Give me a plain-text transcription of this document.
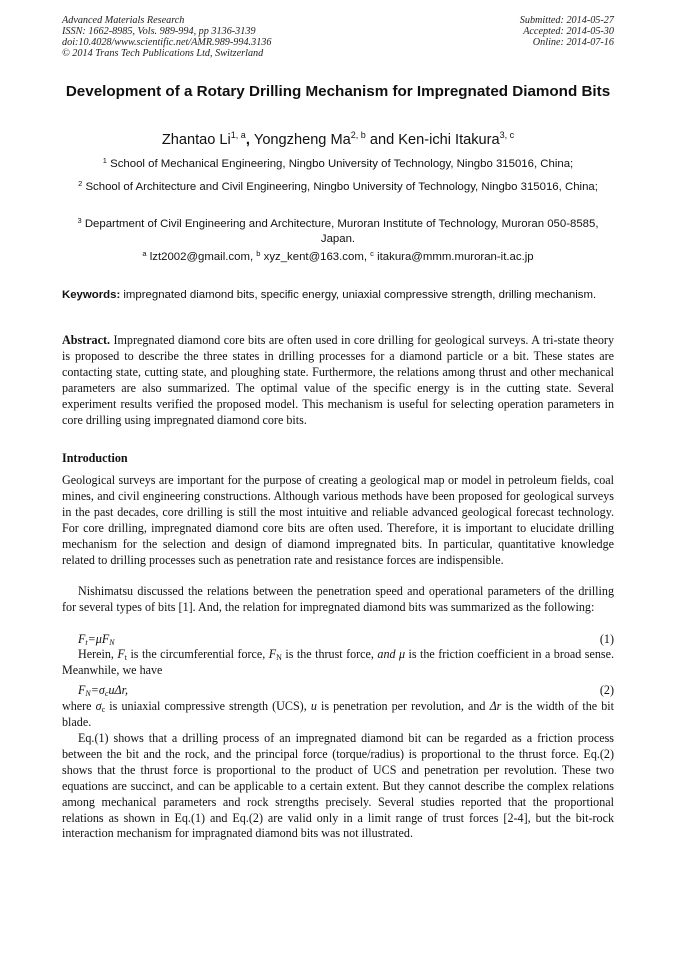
Advanced Materials Research
ISSN: 1662-8985, Vols. 989-994, pp 3136-3139
doi:10.4028/www.scientific.net/AMR.989-994.3136
© 2014 Trans Tech Publications Ltd, Switzerland
Submitted: 2014-05-27
Accepted: 2014-05-30
Online: 2014-07-16
Development of a Rotary Drilling Mechanism for Impregnated Diamond Bits
Zhantao Li$^{1, a}$, Yongzheng Ma$^{2, b}$ and Ken-ichi Itakura$^{3, c}$
$^1$ School of Mechanical Engineering, Ningbo University of Technology, Ningbo 315016, China;
$^2$ School of Architecture and Civil Engineering, Ningbo University of Technology, Ningbo 315016, China;
$^3$ Department of Civil Engineering and Architecture, Muroran Institute of Technology, Muroran 050-8585, Japan.
$^a$ lzt2002@gmail.com, $^b$ xyz_kent@163.com, $^c$ itakura@mmm.muroran-it.ac.jp
Keywords: impregnated diamond bits, specific energy, uniaxial compressive strength, drilling mechanism.
Abstract. Impregnated diamond core bits are often used in core drilling for geological surveys. A tri-state theory is proposed to describe the three states in drilling processes for a diamond particle or a bit. These states are contacting state, cutting state, and ploughing state. Furthermore, the relations among thrust and other mechanical parameters are also summarized. The optimal value of the specific energy is in the cutting state. Several experiment results verified the proposed model. This mechanism is useful for selecting operation parameters in core drilling using impregnated diamond core bits.
Introduction
Geological surveys are important for the purpose of creating a geological map or model in petroleum fields, coal mines, and civil engineering constructions. Although various methods have been proposed for geological surveys in the past decades, core drilling is still the most intuitive and reliable advanced geological forecast technology. For core drilling, impregnated diamond core bits are often used. Therefore, it is important to elucidate drilling mechanism for the selection and design of diamond impregnated bits. In particular, quantitative knowledge related to drilling processes such as penetration rate and resistance forces are indispensible.
Nishimatsu discussed the relations between the penetration speed and operational parameters of the drilling for several types of bits [1]. And, the relation for impregnated diamond bits was summarized as the following:
$F_t=\mu F_N$	(1)
Herein, $F_t$ is the circumferential force, $F_N$ is the thrust force, and μ is the friction coefficient in a broad sense. Meanwhile, we have
$F_N=\sigma_cu\Delta r$,	(2)
where $\sigma_c$ is uniaxial compressive strength (UCS), u is penetration per revolution, and Δr is the width of the bit blade.
Eq.(1) shows that a drilling process of an impregnated diamond bit can be regarded as a friction process between the bit and the rock, and the principal force (torque/radius) is proportional to the thrust force. Eq.(2) shows that the thrust force is proportional to the product of UCS and penetration per revolution. These two equations are succinct, and can be applicable to a certain extent. But they cannot describe the complex relations among mechanical parameters and rock strengths precisely. Several studies reported that the proportional relations as shown in Eq.(1) and Eq.(2) are valid only in a limit range of trust forces [2-4], but the bit-rock interaction mechanism for impragnated diamond bits was not illustrated.
